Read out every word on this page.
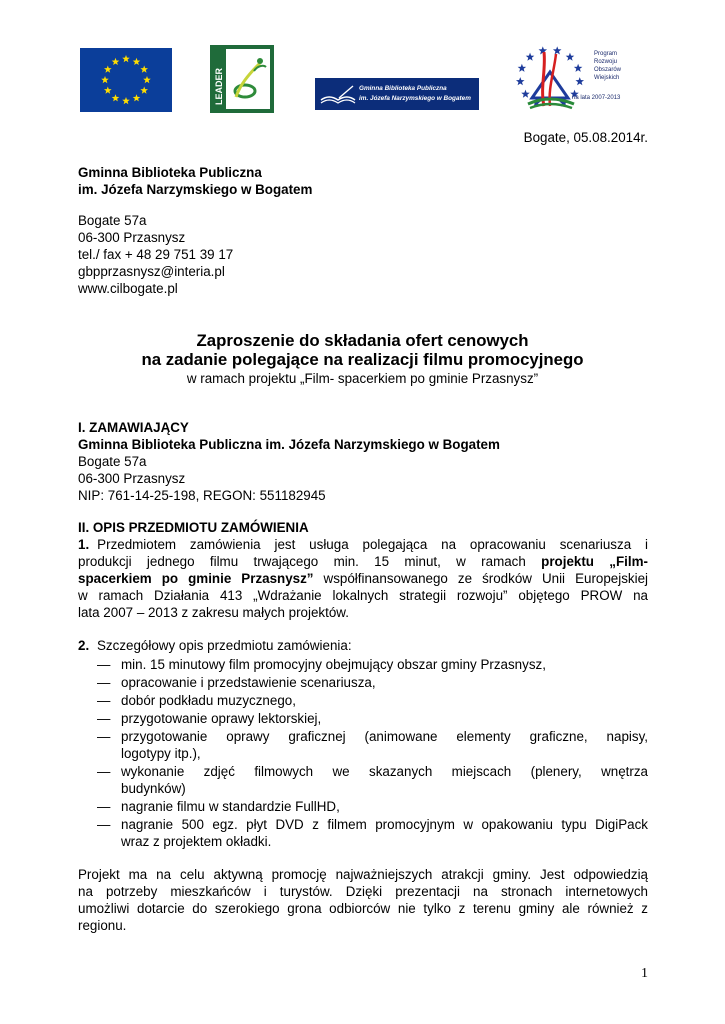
LEADER	Gminna Biblioteka Publiczna
im. Józefa Narzymskiego w Bogatem
Program
Rozwoju
Obszarów
Wiejskich
na lata 2007-2013
Bogate, 05.08.2014r.
Gminna Biblioteka Publiczna
im. Józefa Narzymskiego w Bogatem
Bogate 57a
06-300 Przasnysz
tel./ fax + 48 29 751 39 17
gbpprzasnysz@interia.pl
www.cilbogate.pl
Zaproszenie do składania ofert cenowych
na zadanie polegające na realizacji filmu promocyjnego
w ramach projektu „Film- spacerkiem po gminie Przasnysz”
I. ZAMAWIAJĄCY
Gminna Biblioteka Publiczna im. Józefa Narzymskiego w Bogatem
Bogate 57a
06-300 Przasnysz
NIP: 761-14-25-198, REGON: 551182945
II. OPIS PRZEDMIOTU ZAMÓWIENIA
1. Przedmiotem zamówienia jest usługa polegająca na opracowaniu scenariusza i
produkcji jednego filmu trwającego min. 15 minut, w ramach projektu „Film-
spacerkiem po gminie Przasnysz” współfinansowanego ze środków Unii Europejskiej
w ramach Działania 413 „Wdrażanie lokalnych strategii rozwoju” objętego PROW na
lata 2007 – 2013 z zakresu małych projektów.
2. Szczegółowy opis przedmiotu zamówienia:
— min. 15 minutowy film promocyjny obejmujący obszar gminy Przasnysz,
— opracowanie i przedstawienie scenariusza,
— dobór podkładu muzycznego,
— przygotowanie oprawy lektorskiej,
— przygotowanie oprawy graficznej (animowane elementy graficzne, napisy,
logotypy itp.),
— wykonanie zdjęć filmowych we skazanych miejscach (plenery, wnętrza
budynków)
— nagranie filmu w standardzie FullHD,
— nagranie 500 egz. płyt DVD z filmem promocyjnym w opakowaniu typu DigiPack
wraz z projektem okładki.
Projekt ma na celu aktywną promocję najważniejszych atrakcji gminy. Jest odpowiedzią
na potrzeby mieszkańców i turystów. Dzięki prezentacji na stronach internetowych
umożliwi dotarcie do szerokiego grona odbiorców nie tylko z terenu gminy ale również z
regionu.
1
